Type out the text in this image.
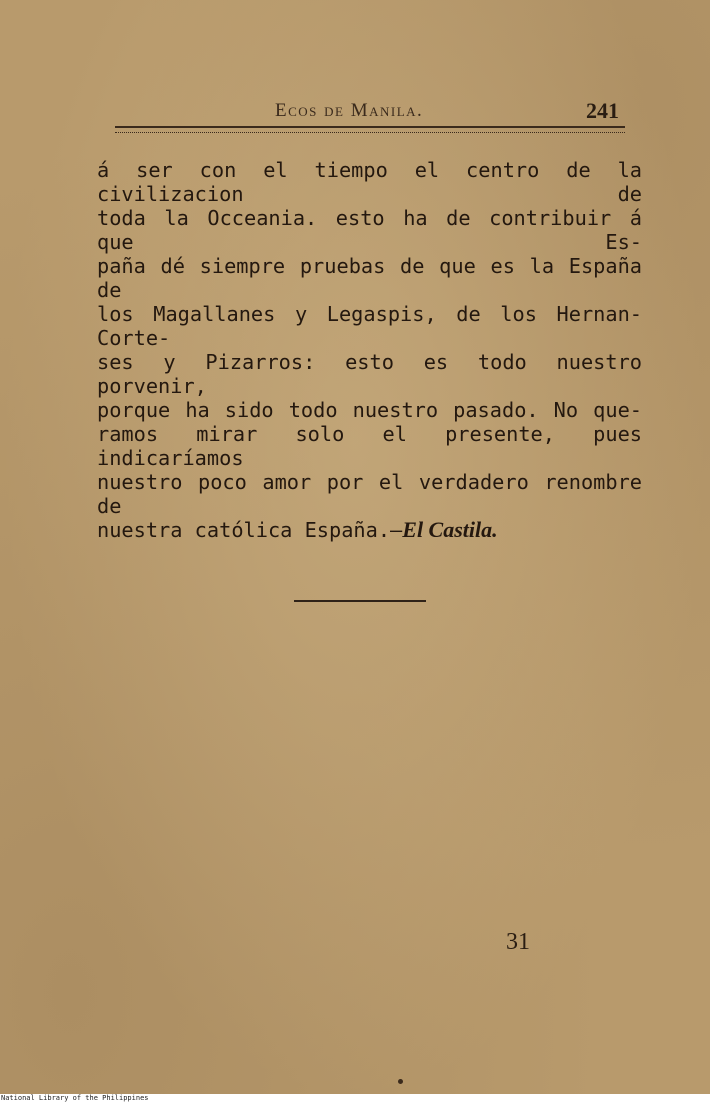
Ecos de Manila.	241

á ser con el tiempo el centro de la civilizacion de
toda la Occeania. esto ha de contribuir á que Es-
paña dé siempre pruebas de que es la España de
los Magallanes y Legaspis, de los Hernan-Corte-
ses y Pizarros: esto es todo nuestro porvenir,
porque ha sido todo nuestro pasado. No que-
ramos mirar solo el presente, pues indicaríamos
nuestro poco amor por el verdadero renombre de
nuestra católica España.—El Castila.

31
National Library of the Philippines
